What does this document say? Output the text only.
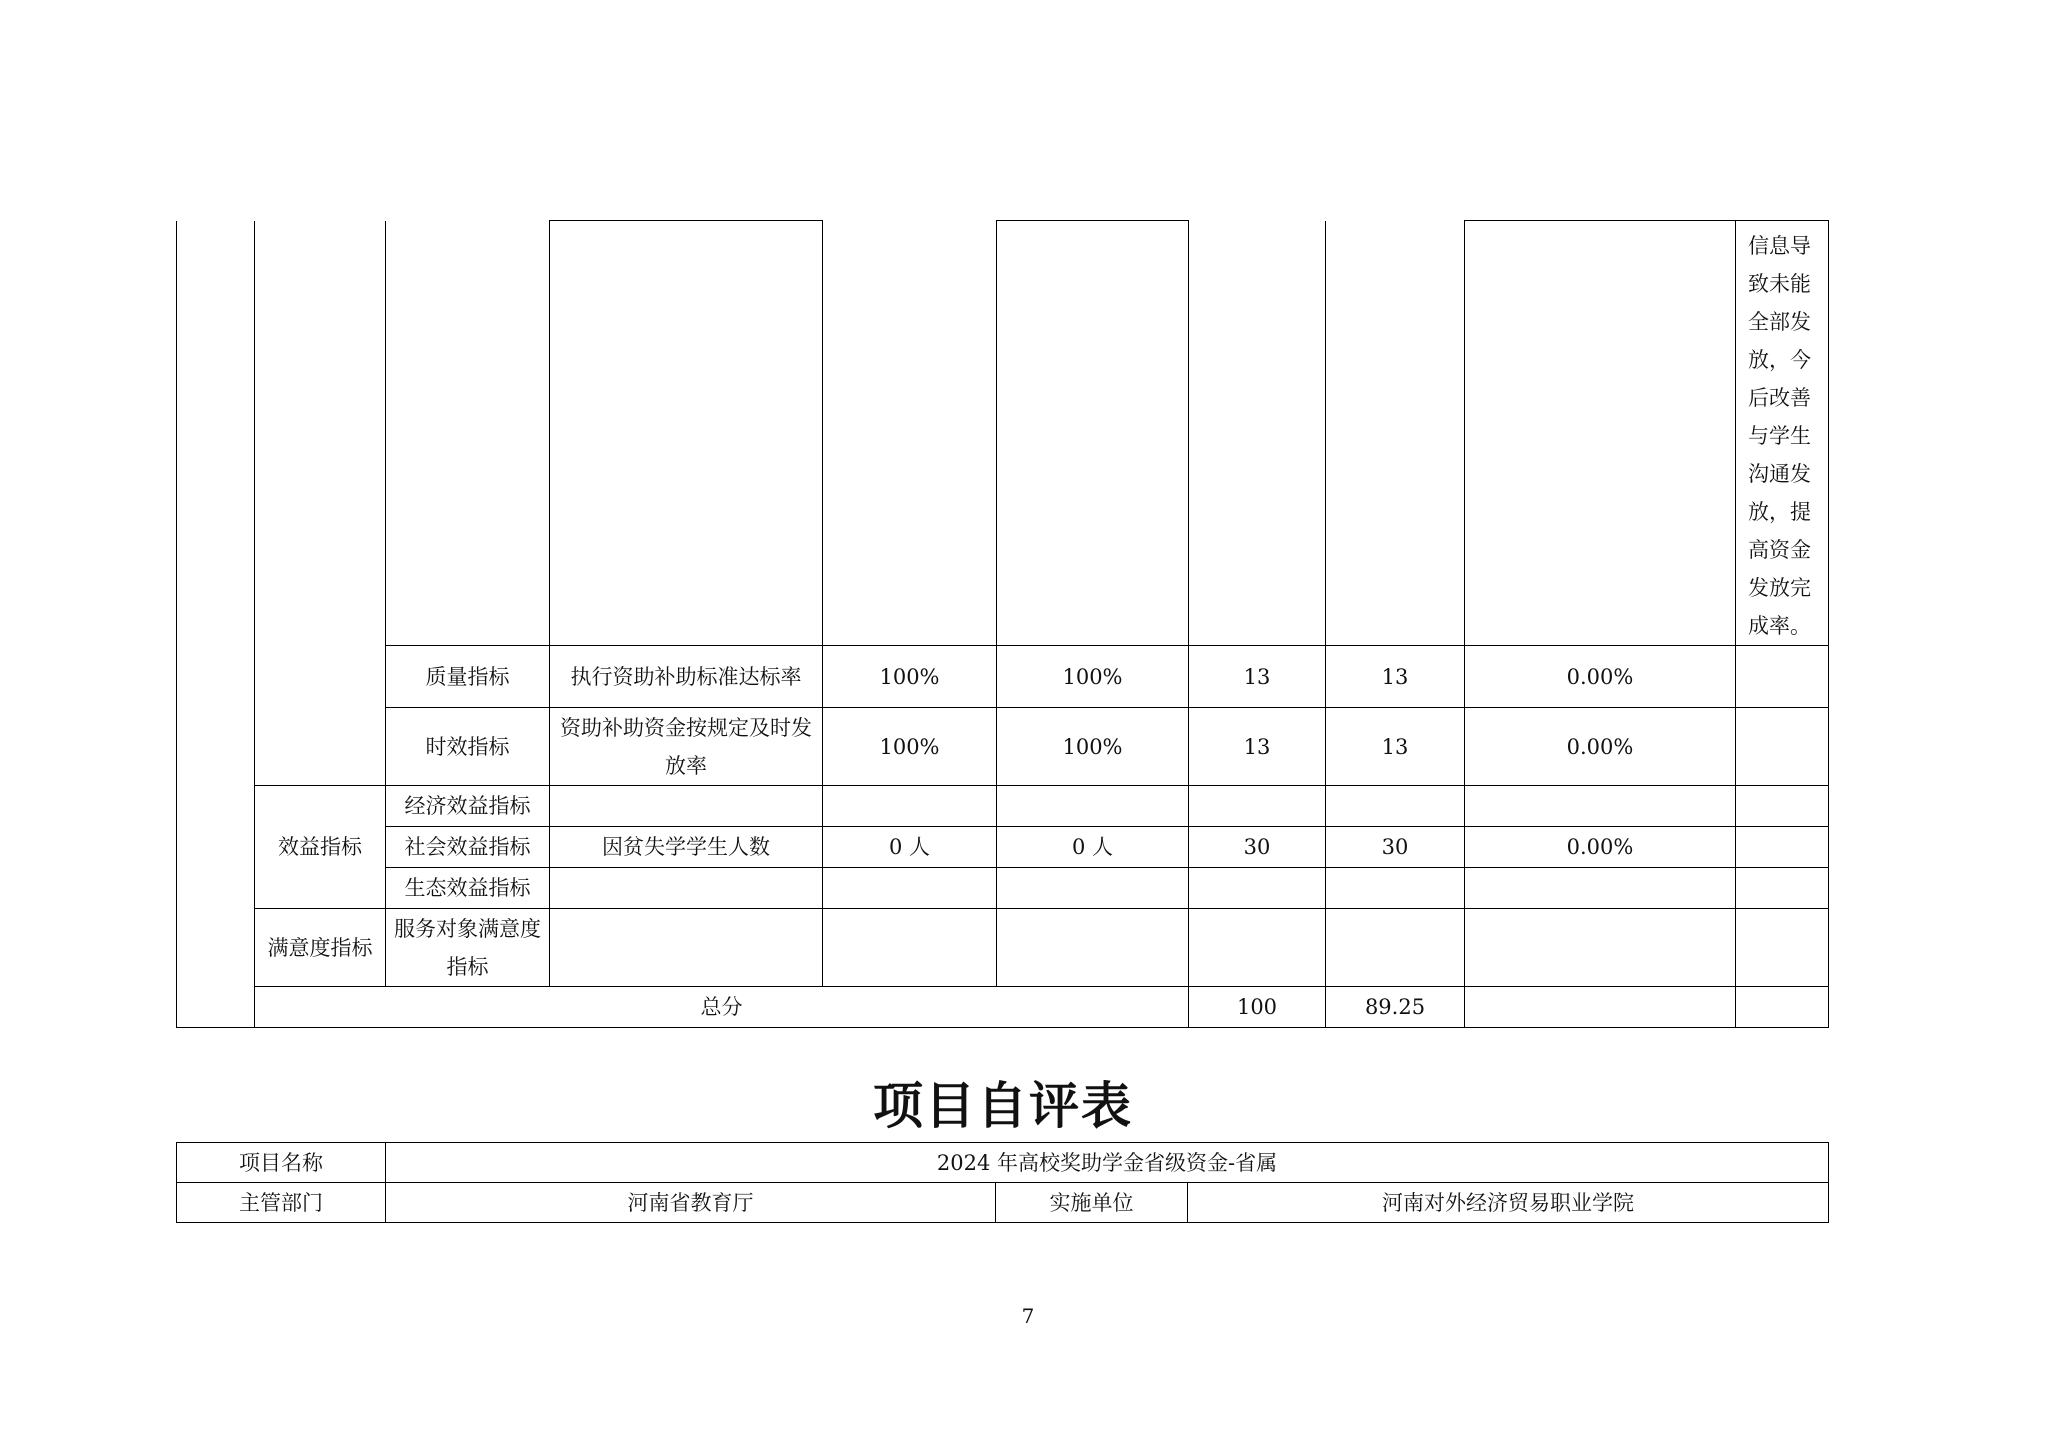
									信息导致未能全部发放，今后改善与学生沟通发放，提高资金发放完成率。
		质量指标	执行资助补助标准达标率	100%	100%	13	13	0.00%	
		时效指标	资助补助资金按规定及时发放率	100%	100%	13	13	0.00%	
	效益指标	经济效益指标							
		社会效益指标	因贫失学学生人数	0 人	0 人	30	30	0.00%	
		生态效益指标							
	满意度指标	服务对象满意度指标							
	总分					100	89.25		
项目自评表
项目名称	2024 年高校奖助学金省级资金-省属		
主管部门	河南省教育厅	实施单位	河南对外经济贸易职业学院
7
